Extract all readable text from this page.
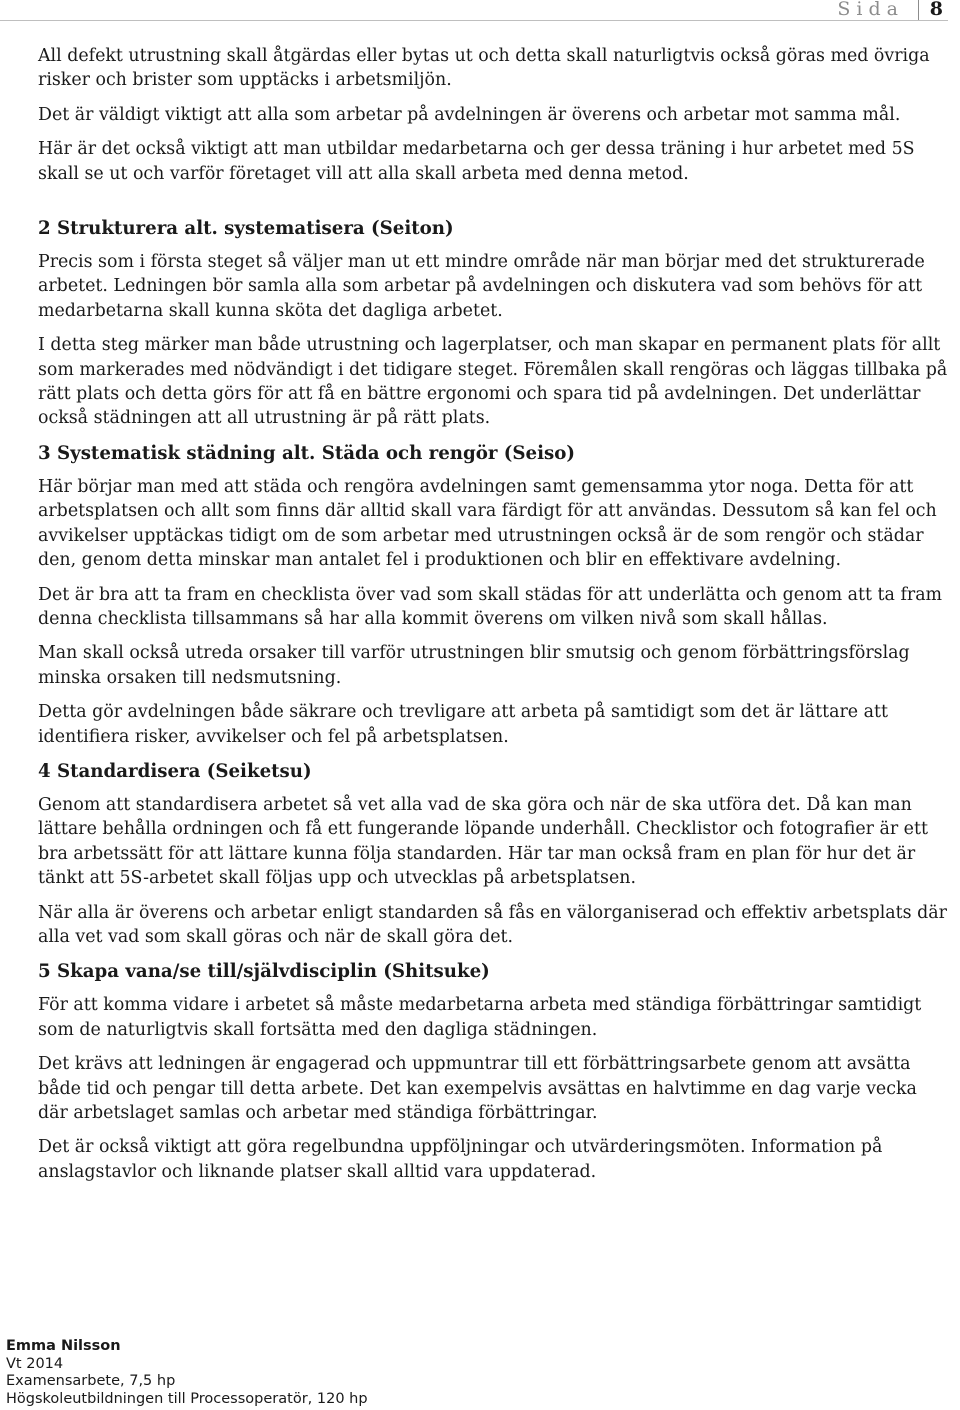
Sida 8

All defekt utrustning skall åtgärdas eller bytas ut och detta skall naturligtvis också göras med övriga risker och brister som upptäcks i arbetsmiljön.

Det är väldigt viktigt att alla som arbetar på avdelningen är överens och arbetar mot samma mål.

Här är det också viktigt att man utbildar medarbetarna och ger dessa träning i hur arbetet med 5S skall se ut och varför företaget vill att alla skall arbeta med denna metod.

2 Strukturera alt. systematisera (Seiton)

Precis som i första steget så väljer man ut ett mindre område när man börjar med det strukturerade arbetet. Ledningen bör samla alla som arbetar på avdelningen och diskutera vad som behövs för att medarbetarna skall kunna sköta det dagliga arbetet.

I detta steg märker man både utrustning och lagerplatser, och man skapar en permanent plats för allt som markerades med nödvändigt i det tidigare steget. Föremålen skall rengöras och läggas tillbaka på rätt plats och detta görs för att få en bättre ergonomi och spara tid på avdelningen. Det underlättar också städningen att all utrustning är på rätt plats.

3 Systematisk städning alt. Städa och rengör (Seiso)

Här börjar man med att städa och rengöra avdelningen samt gemensamma ytor noga. Detta för att arbetsplatsen och allt som finns där alltid skall vara färdigt för att användas. Dessutom så kan fel och avvikelser upptäckas tidigt om de som arbetar med utrustningen också är de som rengör och städar den, genom detta minskar man antalet fel i produktionen och blir en effektivare avdelning.

Det är bra att ta fram en checklista över vad som skall städas för att underlätta och genom att ta fram denna checklista tillsammans så har alla kommit överens om vilken nivå som skall hållas.

Man skall också utreda orsaker till varför utrustningen blir smutsig och genom förbättringsförslag minska orsaken till nedsmutsning.

Detta gör avdelningen både säkrare och trevligare att arbeta på samtidigt som det är lättare att identifiera risker, avvikelser och fel på arbetsplatsen.

4 Standardisera (Seiketsu)

Genom att standardisera arbetet så vet alla vad de ska göra och när de ska utföra det. Då kan man lättare behålla ordningen och få ett fungerande löpande underhåll. Checklistor och fotografier är ett bra arbetssätt för att lättare kunna följa standarden. Här tar man också fram en plan för hur det är tänkt att 5S-arbetet skall följas upp och utvecklas på arbetsplatsen.

När alla är överens och arbetar enligt standarden så fås en välorganiserad och effektiv arbetsplats där alla vet vad som skall göras och när de skall göra det.

5 Skapa vana/se till/självdisciplin (Shitsuke)

För att komma vidare i arbetet så måste medarbetarna arbeta med ständiga förbättringar samtidigt som de naturligtvis skall fortsätta med den dagliga städningen.

Det krävs att ledningen är engagerad och uppmuntrar till ett förbättringsarbete genom att avsätta både tid och pengar till detta arbete. Det kan exempelvis avsättas en halvtimme en dag varje vecka där arbetslaget samlas och arbetar med ständiga förbättringar.

Det är också viktigt att göra regelbundna uppföljningar och utvärderingsmöten. Information på anslagstavlor och liknande platser skall alltid vara uppdaterad.

Emma Nilsson
Vt 2014
Examensarbete, 7,5 hp
Högskoleutbildningen till Processoperatör, 120 hp
